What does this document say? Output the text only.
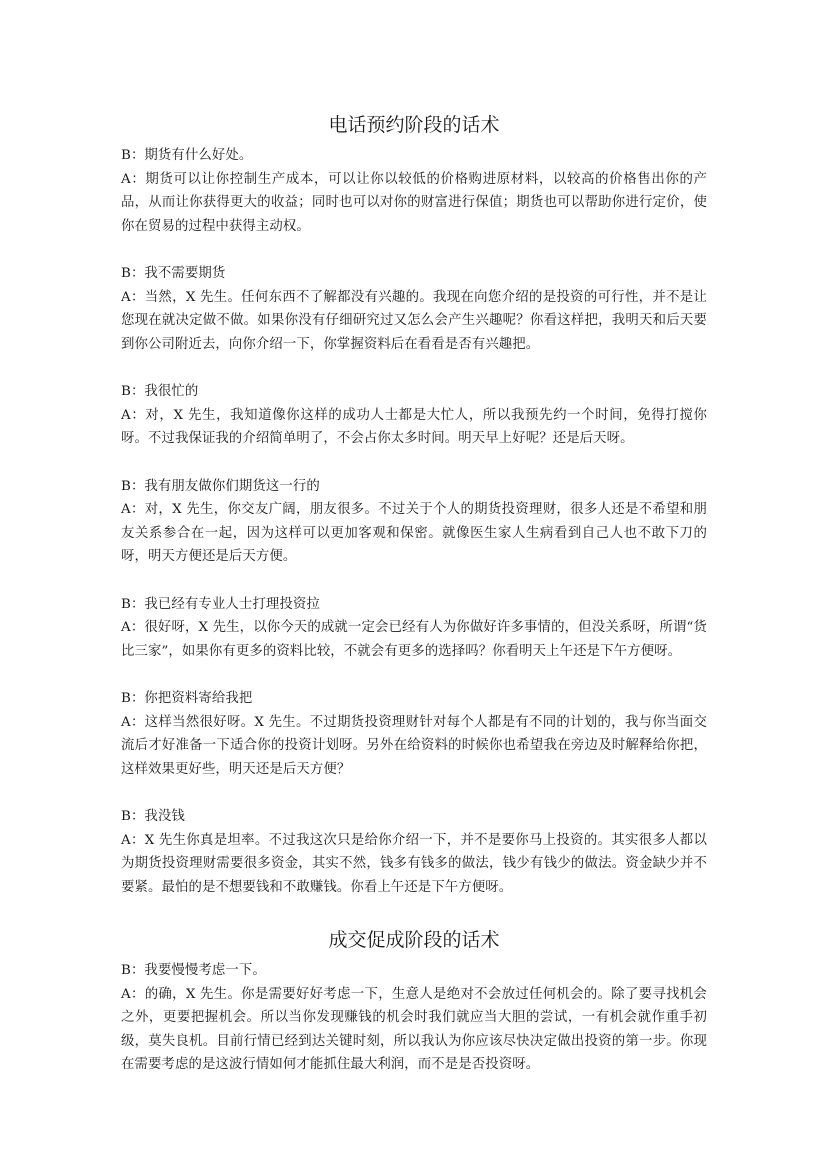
电话预约阶段的话术

B：期货有什么好处。

A：期货可以让你控制生产成本，可以让你以较低的价格购进原材料，以较高的价格售出你的产品，从而让你获得更大的收益；同时也可以对你的财富进行保值；期货也可以帮助你进行定价，使你在贸易的过程中获得主动权。

B：我不需要期货

A：当然，X 先生。任何东西不了解都没有兴趣的。我现在向您介绍的是投资的可行性，并不是让您现在就决定做不做。如果你没有仔细研究过又怎么会产生兴趣呢？你看这样把，我明天和后天要到你公司附近去，向你介绍一下，你掌握资料后在看看是否有兴趣把。

B：我很忙的

A：对，X 先生，我知道像你这样的成功人士都是大忙人，所以我预先约一个时间，免得打搅你呀。不过我保证我的介绍简单明了，不会占你太多时间。明天早上好呢？还是后天呀。

B：我有朋友做你们期货这一行的

A：对，X 先生，你交友广阔，朋友很多。不过关于个人的期货投资理财，很多人还是不希望和朋友关系参合在一起，因为这样可以更加客观和保密。就像医生家人生病看到自己人也不敢下刀的呀，明天方便还是后天方便。

B：我已经有专业人士打理投资拉

A：很好呀，X 先生，以你今天的成就一定会已经有人为你做好许多事情的，但没关系呀，所谓“货比三家”，如果你有更多的资料比较，不就会有更多的选择吗？你看明天上午还是下午方便呀。

B：你把资料寄给我把

A：这样当然很好呀。X 先生。不过期货投资理财针对每个人都是有不同的计划的，我与你当面交流后才好准备一下适合你的投资计划呀。另外在给资料的时候你也希望我在旁边及时解释给你把，这样效果更好些，明天还是后天方便？

B：我没钱

A：X 先生你真是坦率。不过我这次只是给你介绍一下，并不是要你马上投资的。其实很多人都以为期货投资理财需要很多资金，其实不然，钱多有钱多的做法，钱少有钱少的做法。资金缺少并不要紧。最怕的是不想要钱和不敢赚钱。你看上午还是下午方便呀。

成交促成阶段的话术

B：我要慢慢考虑一下。

A：的确，X 先生。你是需要好好考虑一下，生意人是绝对不会放过任何机会的。除了要寻找机会之外，更要把握机会。所以当你发现赚钱的机会时我们就应当大胆的尝试，一有机会就作重手初级，莫失良机。目前行情已经到达关键时刻，所以我认为你应该尽快决定做出投资的第一步。你现在需要考虑的是这波行情如何才能抓住最大利润，而不是是否投资呀。
